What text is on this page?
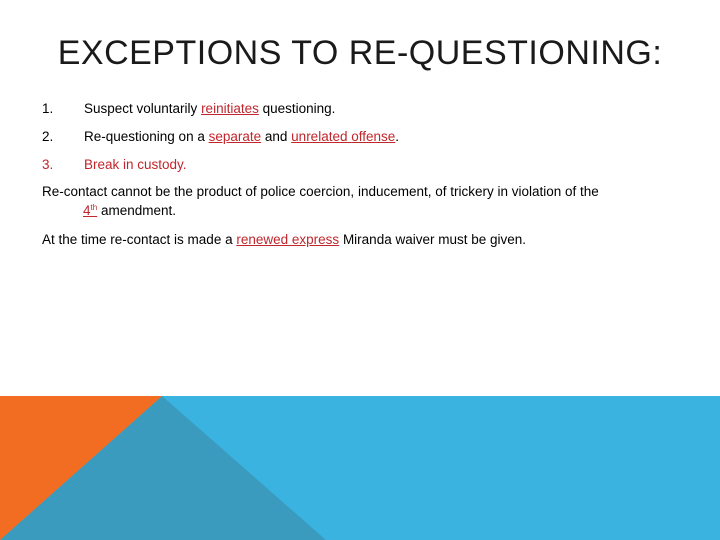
EXCEPTIONS TO RE-QUESTIONING:
1.	Suspect voluntarily reinitiates questioning.
2.	Re-questioning on a separate and unrelated offense.
3.	Break in custody.
Re-contact cannot be the product of police coercion, inducement, of trickery in violation of the
4th amendment.
At the time re-contact is made a renewed express Miranda waiver must be given.
